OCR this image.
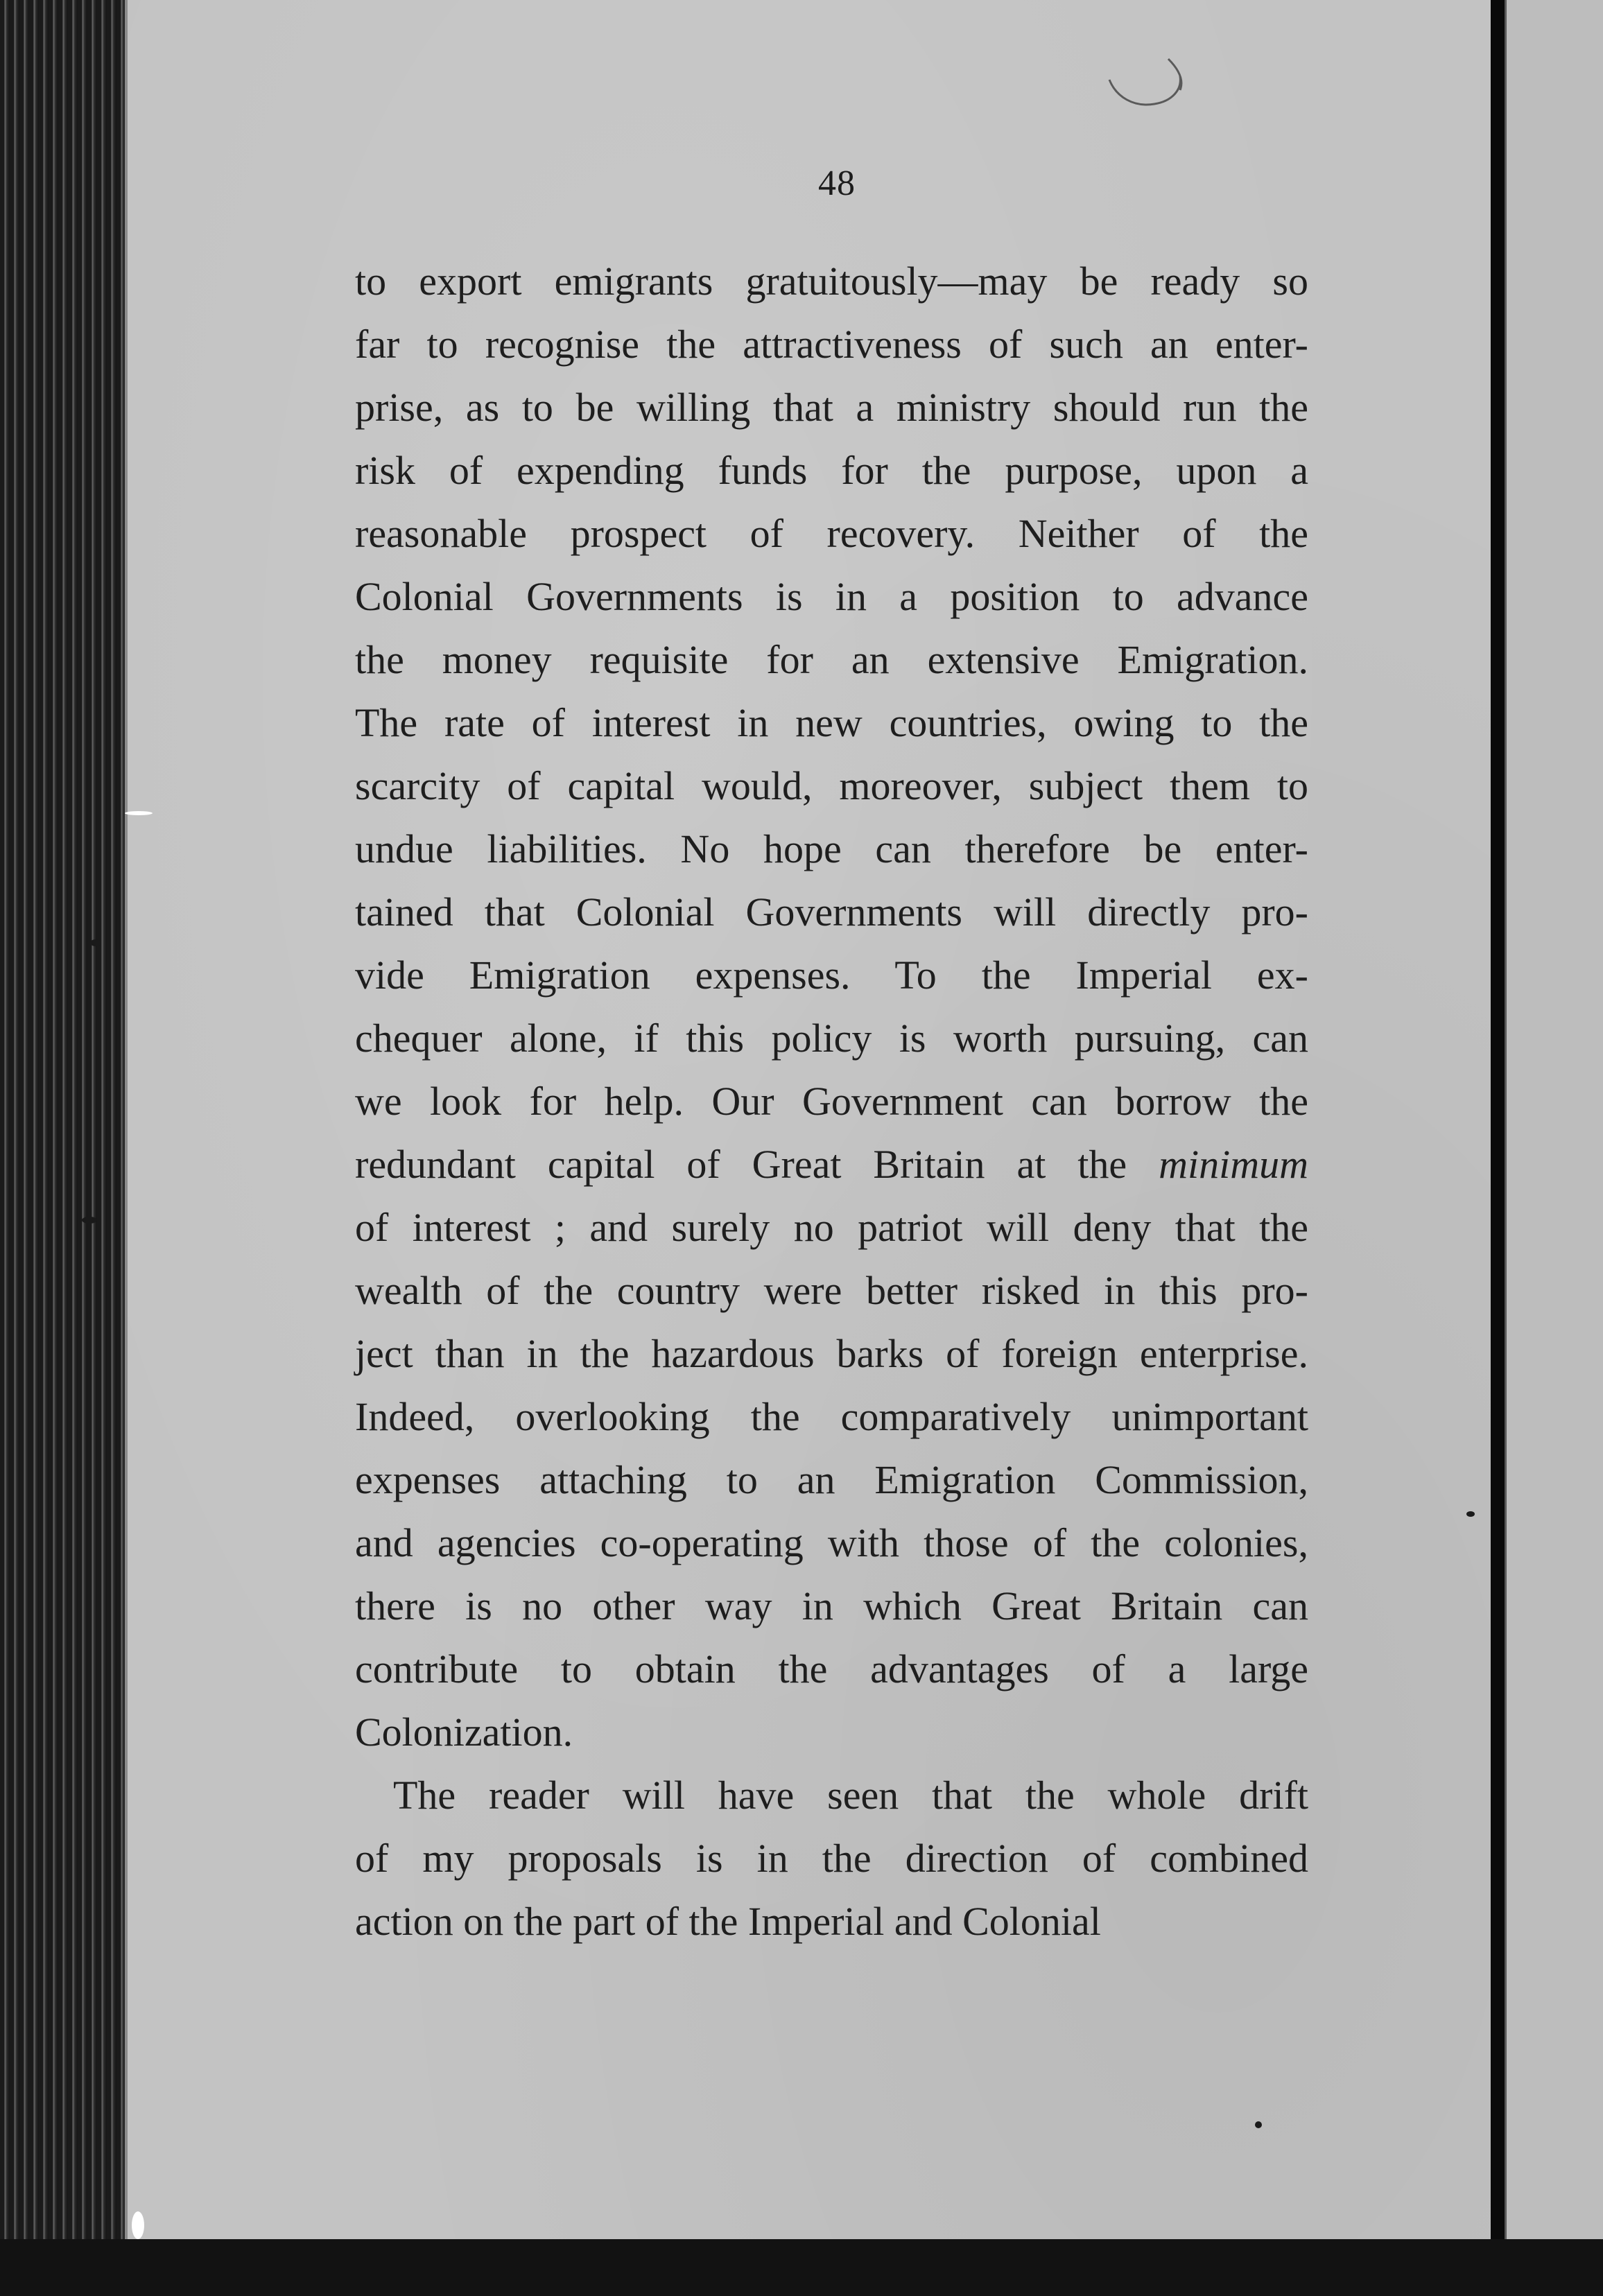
48
to export emigrants gratuitously—may be ready so
far to recognise the attractiveness of such an enter-
prise, as to be willing that a ministry should run the
risk of expending funds for the purpose, upon a
reasonable prospect of recovery. Neither of the
Colonial Governments is in a position to advance
the money requisite for an extensive Emigration.
The rate of interest in new countries, owing to the
scarcity of capital would, moreover, subject them to
undue liabilities. No hope can therefore be enter-
tained that Colonial Governments will directly pro-
vide Emigration expenses. To the Imperial ex-
chequer alone, if this policy is worth pursuing, can
we look for help. Our Government can borrow the
redundant capital of Great Britain at the minimum
of interest ; and surely no patriot will deny that the
wealth of the country were better risked in this pro-
ject than in the hazardous barks of foreign enterprise.
Indeed, overlooking the comparatively unimportant
expenses attaching to an Emigration Commission,
and agencies co-operating with those of the colonies,
there is no other way in which Great Britain can
contribute to obtain the advantages of a large
Colonization.
The reader will have seen that the whole drift
of my proposals is in the direction of combined
action on the part of the Imperial and Colonial
